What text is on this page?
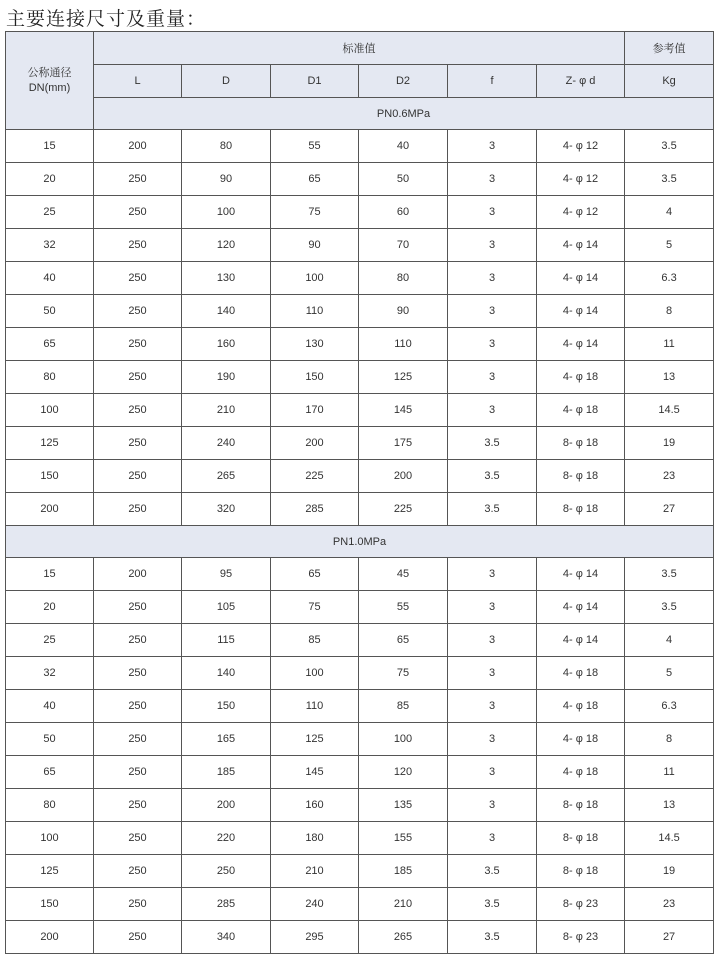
主要连接尺寸及重量：
公称通径
DN(mm)	标准值						参考值
	L	D	D1	D2	f	Z- φ d	Kg
	PN0.6MPa						
15	200	80	55	40	3	4- φ 12	3.5
20	250	90	65	50	3	4- φ 12	3.5
25	250	100	75	60	3	4- φ 12	4
32	250	120	90	70	3	4- φ 14	5
40	250	130	100	80	3	4- φ 14	6.3
50	250	140	110	90	3	4- φ 14	8
65	250	160	130	110	3	4- φ 14	11
80	250	190	150	125	3	4- φ 18	13
100	250	210	170	145	3	4- φ 18	14.5
125	250	240	200	175	3.5	8- φ 18	19
150	250	265	225	200	3.5	8- φ 18	23
200	250	320	285	225	3.5	8- φ 18	27
PN1.0MPa							
15	200	95	65	45	3	4- φ 14	3.5
20	250	105	75	55	3	4- φ 14	3.5
25	250	115	85	65	3	4- φ 14	4
32	250	140	100	75	3	4- φ 18	5
40	250	150	110	85	3	4- φ 18	6.3
50	250	165	125	100	3	4- φ 18	8
65	250	185	145	120	3	4- φ 18	11
80	250	200	160	135	3	8- φ 18	13
100	250	220	180	155	3	8- φ 18	14.5
125	250	250	210	185	3.5	8- φ 18	19
150	250	285	240	210	3.5	8- φ 23	23
200	250	340	295	265	3.5	8- φ 23	27
